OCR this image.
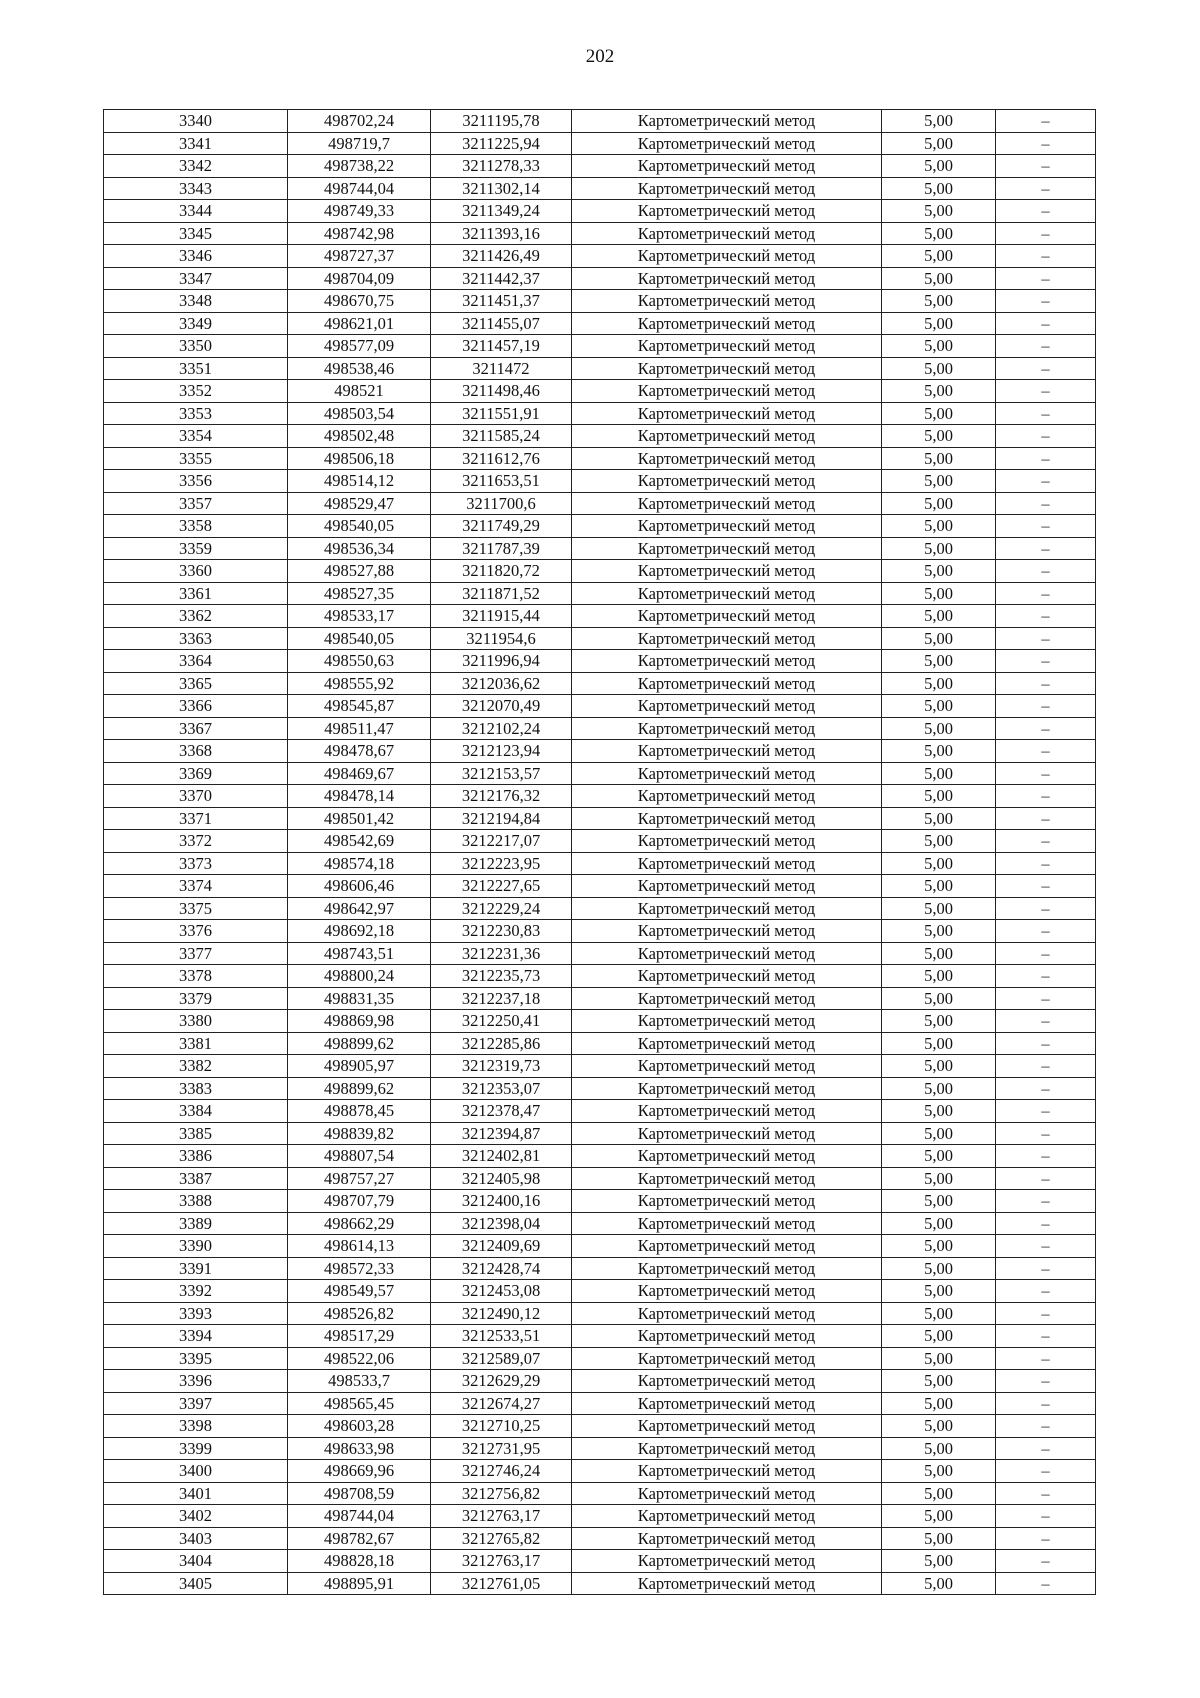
202
3340	498702,24	3211195,78	Картометрический метод	5,00	–
3341	498719,7	3211225,94	Картометрический метод	5,00	–
3342	498738,22	3211278,33	Картометрический метод	5,00	–
3343	498744,04	3211302,14	Картометрический метод	5,00	–
3344	498749,33	3211349,24	Картометрический метод	5,00	–
3345	498742,98	3211393,16	Картометрический метод	5,00	–
3346	498727,37	3211426,49	Картометрический метод	5,00	–
3347	498704,09	3211442,37	Картометрический метод	5,00	–
3348	498670,75	3211451,37	Картометрический метод	5,00	–
3349	498621,01	3211455,07	Картометрический метод	5,00	–
3350	498577,09	3211457,19	Картометрический метод	5,00	–
3351	498538,46	3211472	Картометрический метод	5,00	–
3352	498521	3211498,46	Картометрический метод	5,00	–
3353	498503,54	3211551,91	Картометрический метод	5,00	–
3354	498502,48	3211585,24	Картометрический метод	5,00	–
3355	498506,18	3211612,76	Картометрический метод	5,00	–
3356	498514,12	3211653,51	Картометрический метод	5,00	–
3357	498529,47	3211700,6	Картометрический метод	5,00	–
3358	498540,05	3211749,29	Картометрический метод	5,00	–
3359	498536,34	3211787,39	Картометрический метод	5,00	–
3360	498527,88	3211820,72	Картометрический метод	5,00	–
3361	498527,35	3211871,52	Картометрический метод	5,00	–
3362	498533,17	3211915,44	Картометрический метод	5,00	–
3363	498540,05	3211954,6	Картометрический метод	5,00	–
3364	498550,63	3211996,94	Картометрический метод	5,00	–
3365	498555,92	3212036,62	Картометрический метод	5,00	–
3366	498545,87	3212070,49	Картометрический метод	5,00	–
3367	498511,47	3212102,24	Картометрический метод	5,00	–
3368	498478,67	3212123,94	Картометрический метод	5,00	–
3369	498469,67	3212153,57	Картометрический метод	5,00	–
3370	498478,14	3212176,32	Картометрический метод	5,00	–
3371	498501,42	3212194,84	Картометрический метод	5,00	–
3372	498542,69	3212217,07	Картометрический метод	5,00	–
3373	498574,18	3212223,95	Картометрический метод	5,00	–
3374	498606,46	3212227,65	Картометрический метод	5,00	–
3375	498642,97	3212229,24	Картометрический метод	5,00	–
3376	498692,18	3212230,83	Картометрический метод	5,00	–
3377	498743,51	3212231,36	Картометрический метод	5,00	–
3378	498800,24	3212235,73	Картометрический метод	5,00	–
3379	498831,35	3212237,18	Картометрический метод	5,00	–
3380	498869,98	3212250,41	Картометрический метод	5,00	–
3381	498899,62	3212285,86	Картометрический метод	5,00	–
3382	498905,97	3212319,73	Картометрический метод	5,00	–
3383	498899,62	3212353,07	Картометрический метод	5,00	–
3384	498878,45	3212378,47	Картометрический метод	5,00	–
3385	498839,82	3212394,87	Картометрический метод	5,00	–
3386	498807,54	3212402,81	Картометрический метод	5,00	–
3387	498757,27	3212405,98	Картометрический метод	5,00	–
3388	498707,79	3212400,16	Картометрический метод	5,00	–
3389	498662,29	3212398,04	Картометрический метод	5,00	–
3390	498614,13	3212409,69	Картометрический метод	5,00	–
3391	498572,33	3212428,74	Картометрический метод	5,00	–
3392	498549,57	3212453,08	Картометрический метод	5,00	–
3393	498526,82	3212490,12	Картометрический метод	5,00	–
3394	498517,29	3212533,51	Картометрический метод	5,00	–
3395	498522,06	3212589,07	Картометрический метод	5,00	–
3396	498533,7	3212629,29	Картометрический метод	5,00	–
3397	498565,45	3212674,27	Картометрический метод	5,00	–
3398	498603,28	3212710,25	Картометрический метод	5,00	–
3399	498633,98	3212731,95	Картометрический метод	5,00	–
3400	498669,96	3212746,24	Картометрический метод	5,00	–
3401	498708,59	3212756,82	Картометрический метод	5,00	–
3402	498744,04	3212763,17	Картометрический метод	5,00	–
3403	498782,67	3212765,82	Картометрический метод	5,00	–
3404	498828,18	3212763,17	Картометрический метод	5,00	–
3405	498895,91	3212761,05	Картометрический метод	5,00	–
